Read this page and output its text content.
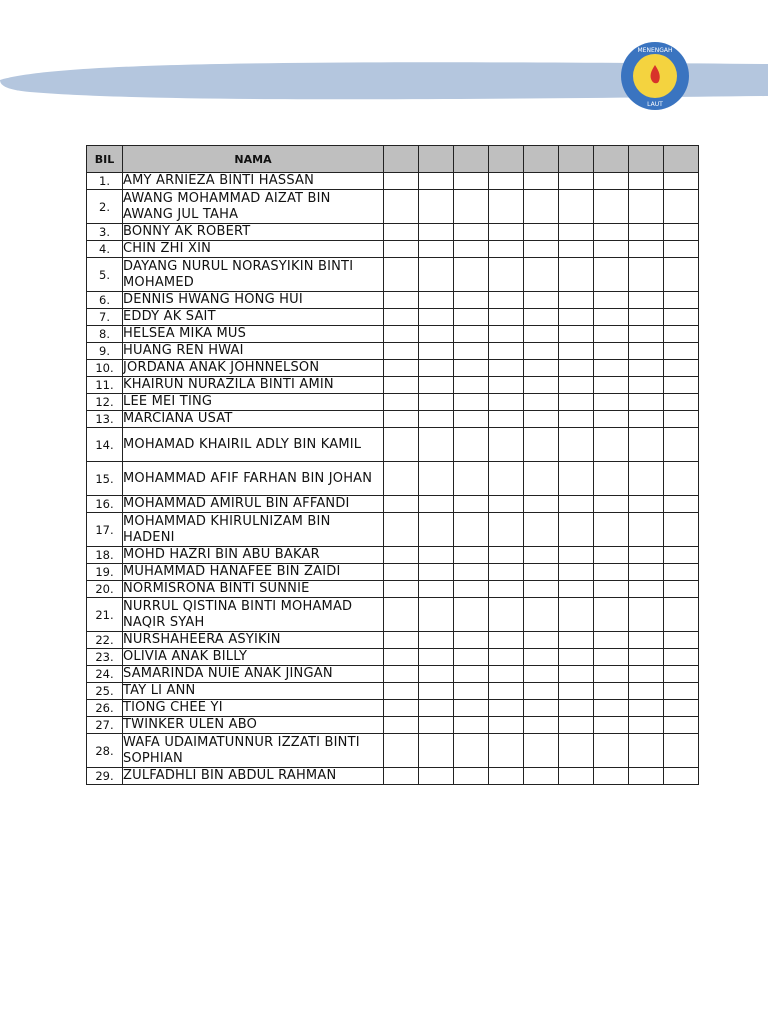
MENENGAH
LAUT
BIL	NAMA									
1.	AMY ARNIEZA BINTI HASSAN									
2.	AWANG MOHAMMAD AIZAT BIN AWANG JUL TAHA									
3.	BONNY AK ROBERT									
4.	CHIN ZHI XIN									
5.	DAYANG NURUL NORASYIKIN BINTI MOHAMED									
6.	DENNIS HWANG HONG HUI									
7.	EDDY AK SAIT									
8.	HELSEA MIKA MUS									
9.	HUANG REN HWAI									
10.	JORDANA ANAK JOHNNELSON									
11.	KHAIRUN NURAZILA BINTI AMIN									
12.	LEE MEI TING									
13.	MARCIANA USAT									
14.	MOHAMAD KHAIRIL ADLY BIN KAMIL									
15.	MOHAMMAD AFIF FARHAN BIN JOHAN									
16.	MOHAMMAD AMIRUL BIN AFFANDI									
17.	MOHAMMAD KHIRULNIZAM BIN HADENI									
18.	MOHD HAZRI BIN ABU BAKAR									
19.	MUHAMMAD HANAFEE BIN ZAIDI									
20.	NORMISRONA BINTI SUNNIE									
21.	NURRUL QISTINA BINTI MOHAMAD NAQIR SYAH									
22.	NURSHAHEERA ASYIKIN									
23.	OLIVIA ANAK BILLY									
24.	SAMARINDA NUIE ANAK JINGAN									
25.	TAY LI ANN									
26.	TIONG CHEE YI									
27.	TWINKER ULEN ABO									
28.	WAFA UDAIMATUNNUR IZZATI BINTI SOPHIAN									
29.	ZULFADHLI BIN ABDUL RAHMAN									
